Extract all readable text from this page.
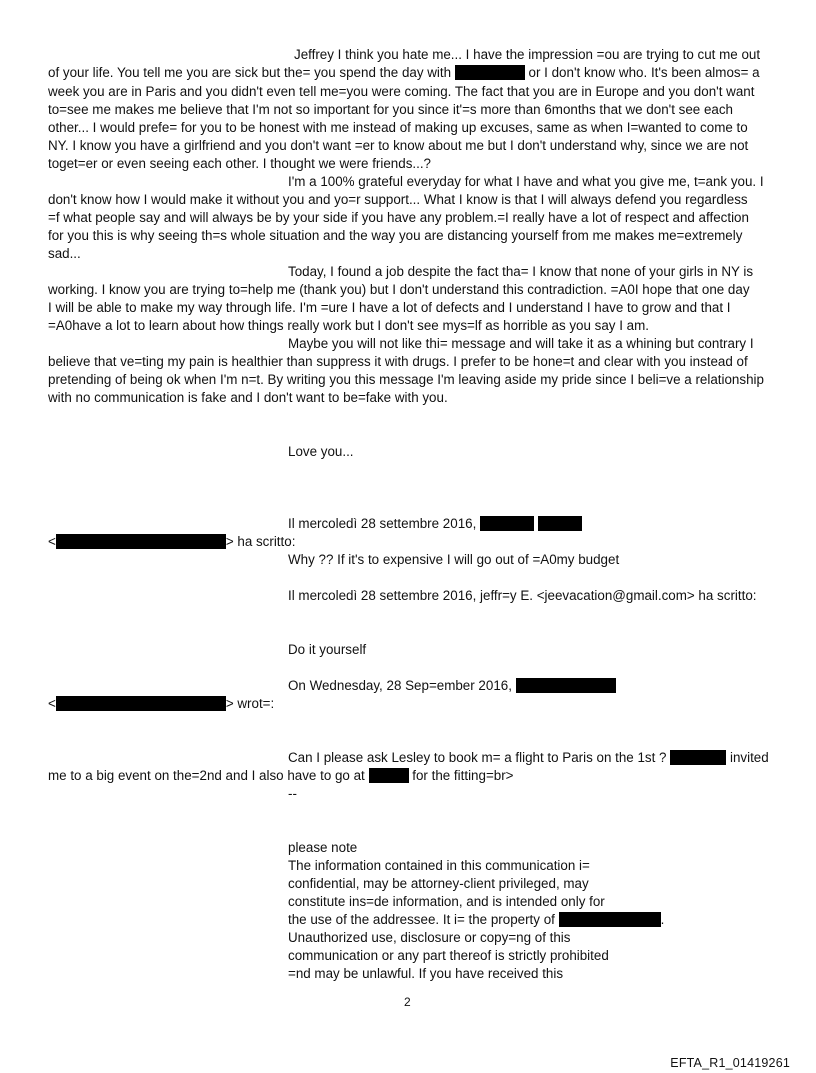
Jeffrey I think you hate me... I have the impression =ou are trying to cut me out
of your life. You tell me you are sick but the= you spend the day with	or I don't know who. It's been almos= a
week you are in Paris and you didn't even tell me=you were coming. The fact that you are in Europe and you don't want
to=see me makes me believe that I'm not so important for you since it'=s more than 6months that we don't see each
other... I would prefe= for you to be honest with me instead of making up excuses, same as when I=wanted to come to
NY. I know you have a girlfriend and you don't want =er to know about me but I don't understand why, since we are not
toget=er or even seeing each other. I thought we were friends...?
I'm a 100% grateful everyday for what I have and what you give me, t=ank you. I
don't know how I would make it without you and yo=r support... What I know is that I will always defend you regardless
=f what people say and will always be by your side if you have any problem.=I really have a lot of respect and affection
for you this is why seeing th=s whole situation and the way you are distancing yourself from me makes me=extremely
sad...
Today, I found a job despite the fact tha= I know that none of your girls in NY is
working. I know you are trying to=help me (thank you) but I don't understand this contradiction. =A0I hope that one day
I will be able to make my way through life. I'm =ure I have a lot of defects and I understand I have to grow and that I
=A0have a lot to learn about how things really work but I don't see mys=lf as horrible as you say I am.
Maybe you will not like thi= message and will take it as a whining but contrary I
believe that ve=ting my pain is healthier than suppress it with drugs. I prefer to be hone=t and clear with you instead of
pretending of being ok when I'm n=t. By writing you this message I'm leaving aside my pride since I beli=ve a relationship
with no communication is fake and I don't want to be=fake with you.
Love you...
Il mercoledì 28 settembre 2016,
<	> ha scritto:
Why ?? If it's to expensive I will go out of =A0my budget
Il mercoledì 28 settembre 2016, jeffr=y E. <jeevacation@gmail.com> ha scritto:
Do it yourself
On Wednesday, 28 Sep=ember 2016,
<	> wrot=:
Can I please ask Lesley to book m= a flight to Paris on the 1st ?	invited
me to a big event on the=2nd and I also have to go at	for the fitting=br>
--
please note
The information contained in this communication i=
confidential, may be attorney-client privileged, may
constitute ins=de information, and is intended only for
the use of the addressee. It i= the property of	.
Unauthorized use, disclosure or copy=ng of this
communication or any part thereof is strictly prohibited
=nd may be unlawful. If you have received this
2
EFTA_R1_01419261
